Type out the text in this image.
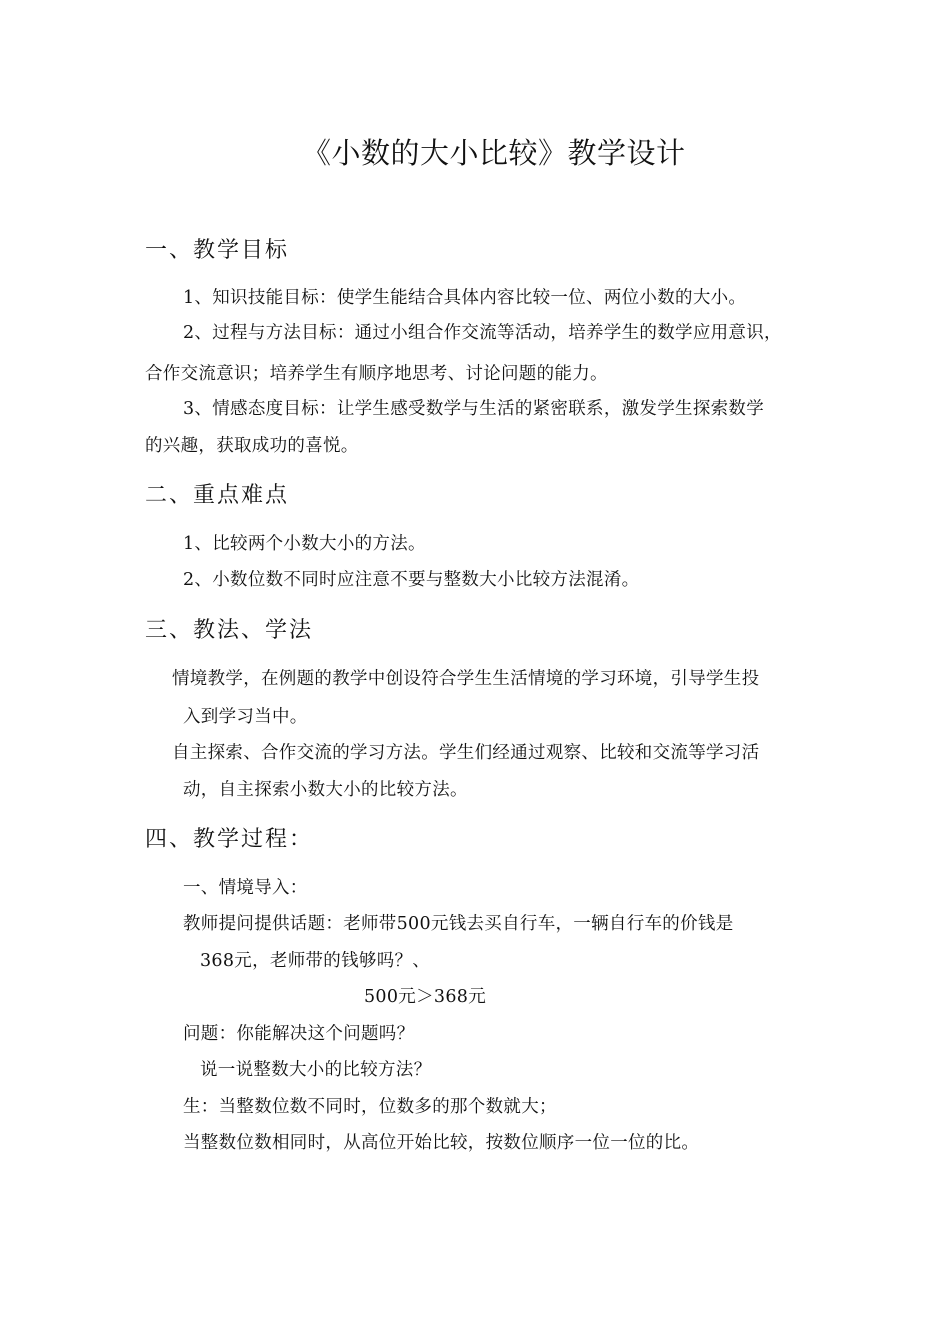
《小数的大小比较》教学设计
一、教学目标
1、知识技能目标：使学生能结合具体内容比较一位、两位小数的大小。
2、过程与方法目标：通过小组合作交流等活动，培养学生的数学应用意识，
合作交流意识；培养学生有顺序地思考、讨论问题的能力。
3、情感态度目标：让学生感受数学与生活的紧密联系，激发学生探索数学
的兴趣，获取成功的喜悦。
二、重点难点
1、比较两个小数大小的方法。
2、小数位数不同时应注意不要与整数大小比较方法混淆。
三、教法、学法
情境教学，在例题的教学中创设符合学生生活情境的学习环境，引导学生投
入到学习当中。
自主探索、合作交流的学习方法。学生们经通过观察、比较和交流等学习活
动，自主探索小数大小的比较方法。
四、教学过程：
一、情境导入：
教师提问提供话题：老师带500元钱去买自行车，一辆自行车的价钱是
368元，老师带的钱够吗？、
500元＞368元
问题：你能解决这个问题吗？
说一说整数大小的比较方法？
生：当整数位数不同时，位数多的那个数就大；
当整数位数相同时，从高位开始比较，按数位顺序一位一位的比。
